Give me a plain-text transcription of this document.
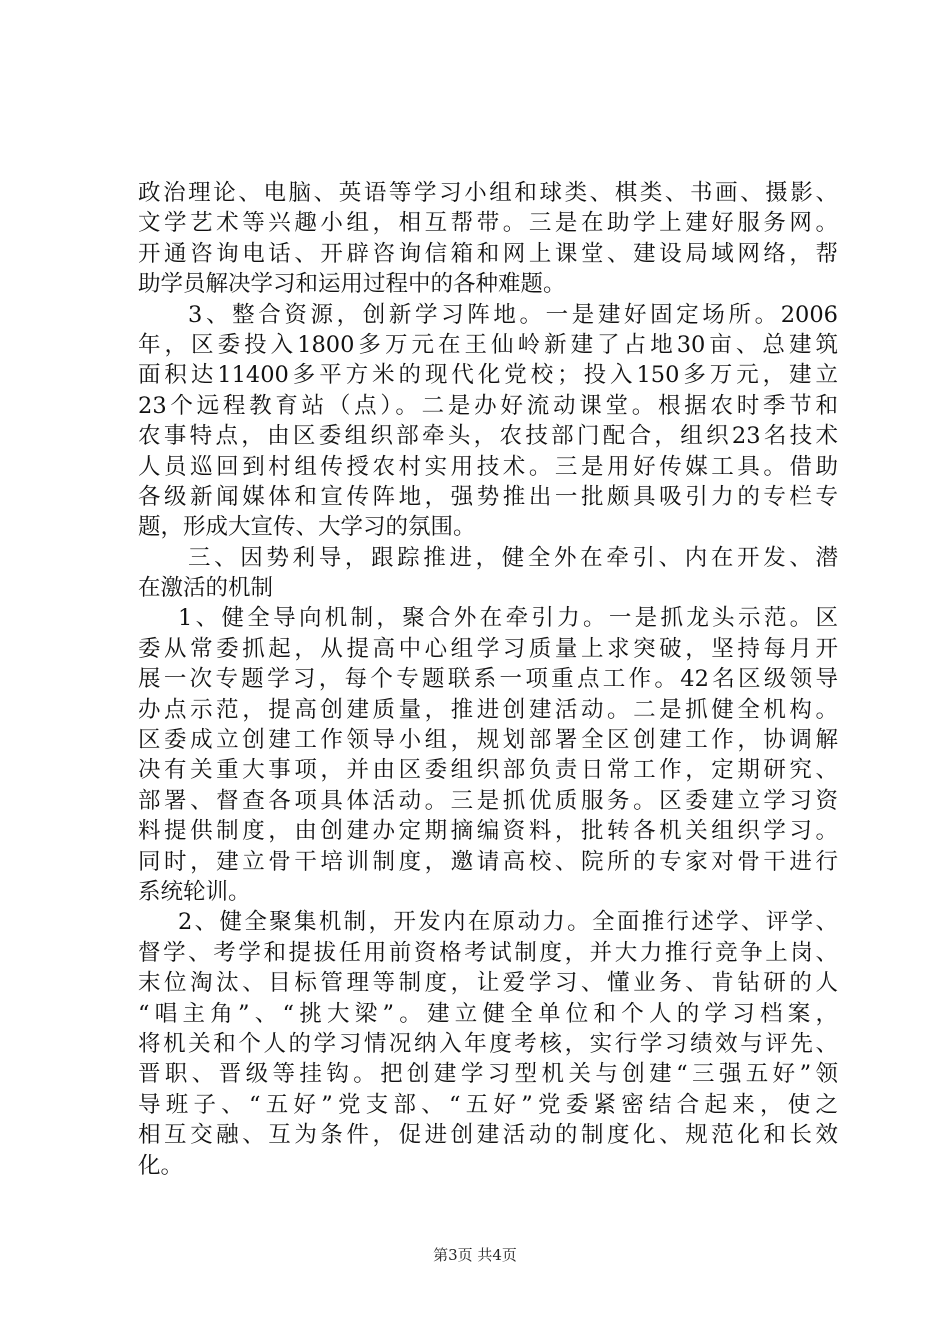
政治理论、电脑、英语等学习小组和球类、棋类、书画、摄影、
文学艺术等兴趣小组，相互帮带。三是在助学上建好服务网。
开通咨询电话、开辟咨询信箱和网上课堂、建设局域网络，帮
助学员解决学习和运用过程中的各种难题。
3、整合资源，创新学习阵地。一是建好固定场所。2006
年，区委投入1800多万元在王仙岭新建了占地30亩、总建筑
面积达11400多平方米的现代化党校；投入150多万元，建立
23个远程教育站（点）。二是办好流动课堂。根据农时季节和
农事特点，由区委组织部牵头，农技部门配合，组织23名技术
人员巡回到村组传授农村实用技术。三是用好传媒工具。借助
各级新闻媒体和宣传阵地，强势推出一批颇具吸引力的专栏专
题，形成大宣传、大学习的氛围。
三、因势利导，跟踪推进，健全外在牵引、内在开发、潜
在激活的机制
1、健全导向机制，聚合外在牵引力。一是抓龙头示范。区
委从常委抓起，从提高中心组学习质量上求突破，坚持每月开
展一次专题学习，每个专题联系一项重点工作。42名区级领导
办点示范，提高创建质量，推进创建活动。二是抓健全机构。
区委成立创建工作领导小组，规划部署全区创建工作，协调解
决有关重大事项，并由区委组织部负责日常工作，定期研究、
部署、督查各项具体活动。三是抓优质服务。区委建立学习资
料提供制度，由创建办定期摘编资料，批转各机关组织学习。
同时，建立骨干培训制度，邀请高校、院所的专家对骨干进行
系统轮训。
2、健全聚集机制，开发内在原动力。全面推行述学、评学、
督学、考学和提拔任用前资格考试制度，并大力推行竞争上岗、
末位淘汰、目标管理等制度，让爱学习、懂业务、肯钻研的人
“唱主角”、“挑大梁”。建立健全单位和个人的学习档案，
将机关和个人的学习情况纳入年度考核，实行学习绩效与评先、
晋职、晋级等挂钩。把创建学习型机关与创建“三强五好”领
导班子、“五好”党支部、“五好”党委紧密结合起来，使之
相互交融、互为条件，促进创建活动的制度化、规范化和长效
化。
第3页 共4页
